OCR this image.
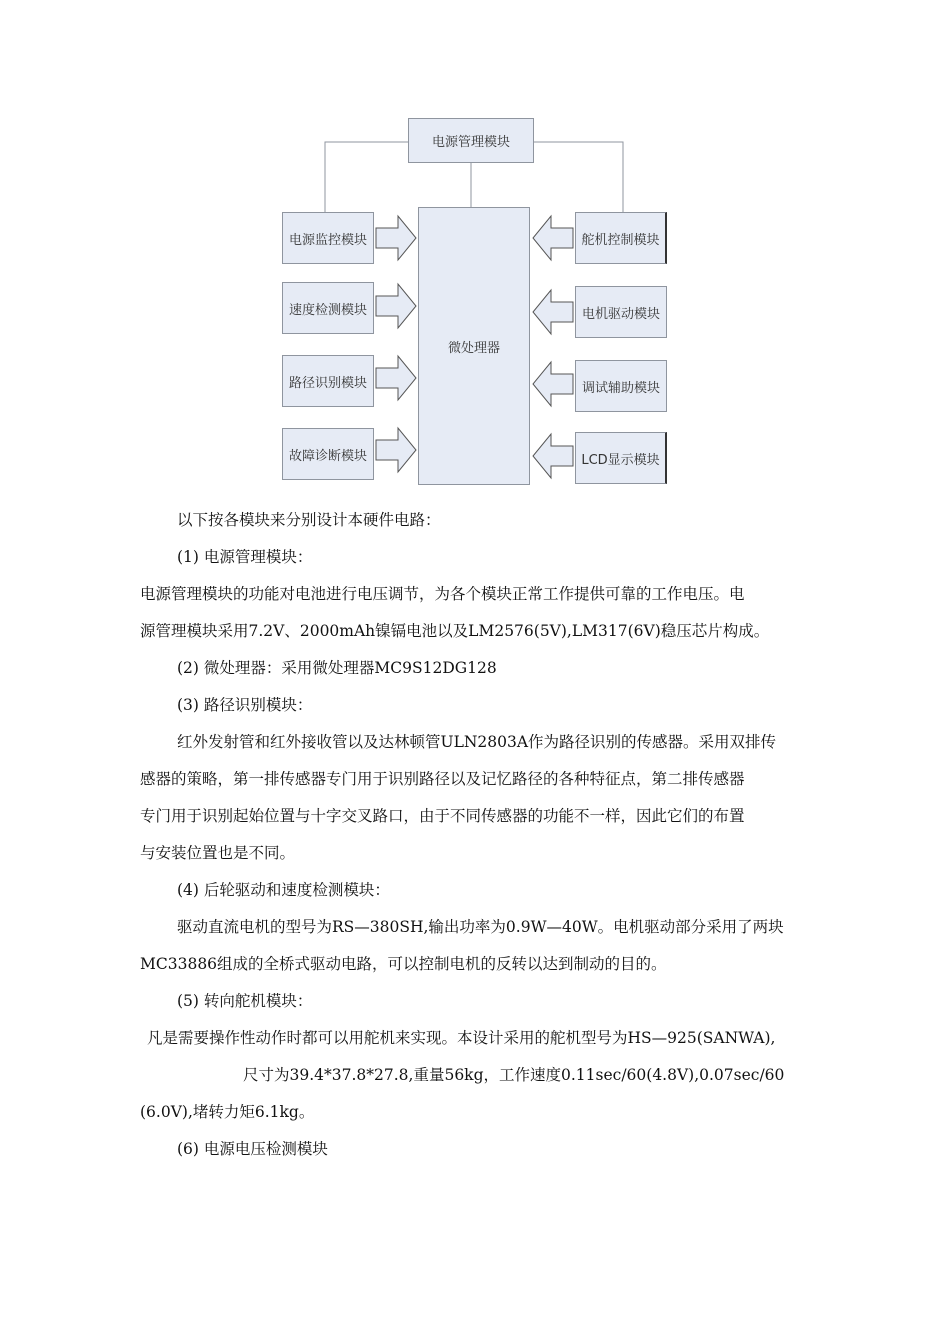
电源管理模块
微处理器
电源监控模块
速度检测模块
路径识别模块
故障诊断模块
舵机控制模块
电机驱动模块
调试辅助模块
LCD显示模块
以下按各模块来分别设计本硬件电路：
(1) 电源管理模块：
电源管理模块的功能对电池进行电压调节，为各个模块正常工作提供可靠的工作电压。电
源管理模块采用7.2V、2000mAh镍镉电池以及LM2576(5V),LM317(6V)稳压芯片构成。
(2) 微处理器：采用微处理器MC9S12DG128
(3) 路径识别模块：
红外发射管和红外接收管以及达林顿管ULN2803A作为路径识别的传感器。采用双排传
感器的策略，第一排传感器专门用于识别路径以及记忆路径的各种特征点，第二排传感器
专门用于识别起始位置与十字交叉路口，由于不同传感器的功能不一样，因此它们的布置
与安装位置也是不同。
(4) 后轮驱动和速度检测模块：
驱动直流电机的型号为RS—380SH,输出功率为0.9W—40W。电机驱动部分采用了两块
MC33886组成的全桥式驱动电路，可以控制电机的反转以达到制动的目的。
(5) 转向舵机模块：
凡是需要操作性动作时都可以用舵机来实现。本设计采用的舵机型号为HS—925(SANWA),
尺寸为39.4*37.8*27.8,重量56kg，工作速度0.11sec/60(4.8V),0.07sec/60
(6.0V),堵转力矩6.1kg。
(6) 电源电压检测模块
